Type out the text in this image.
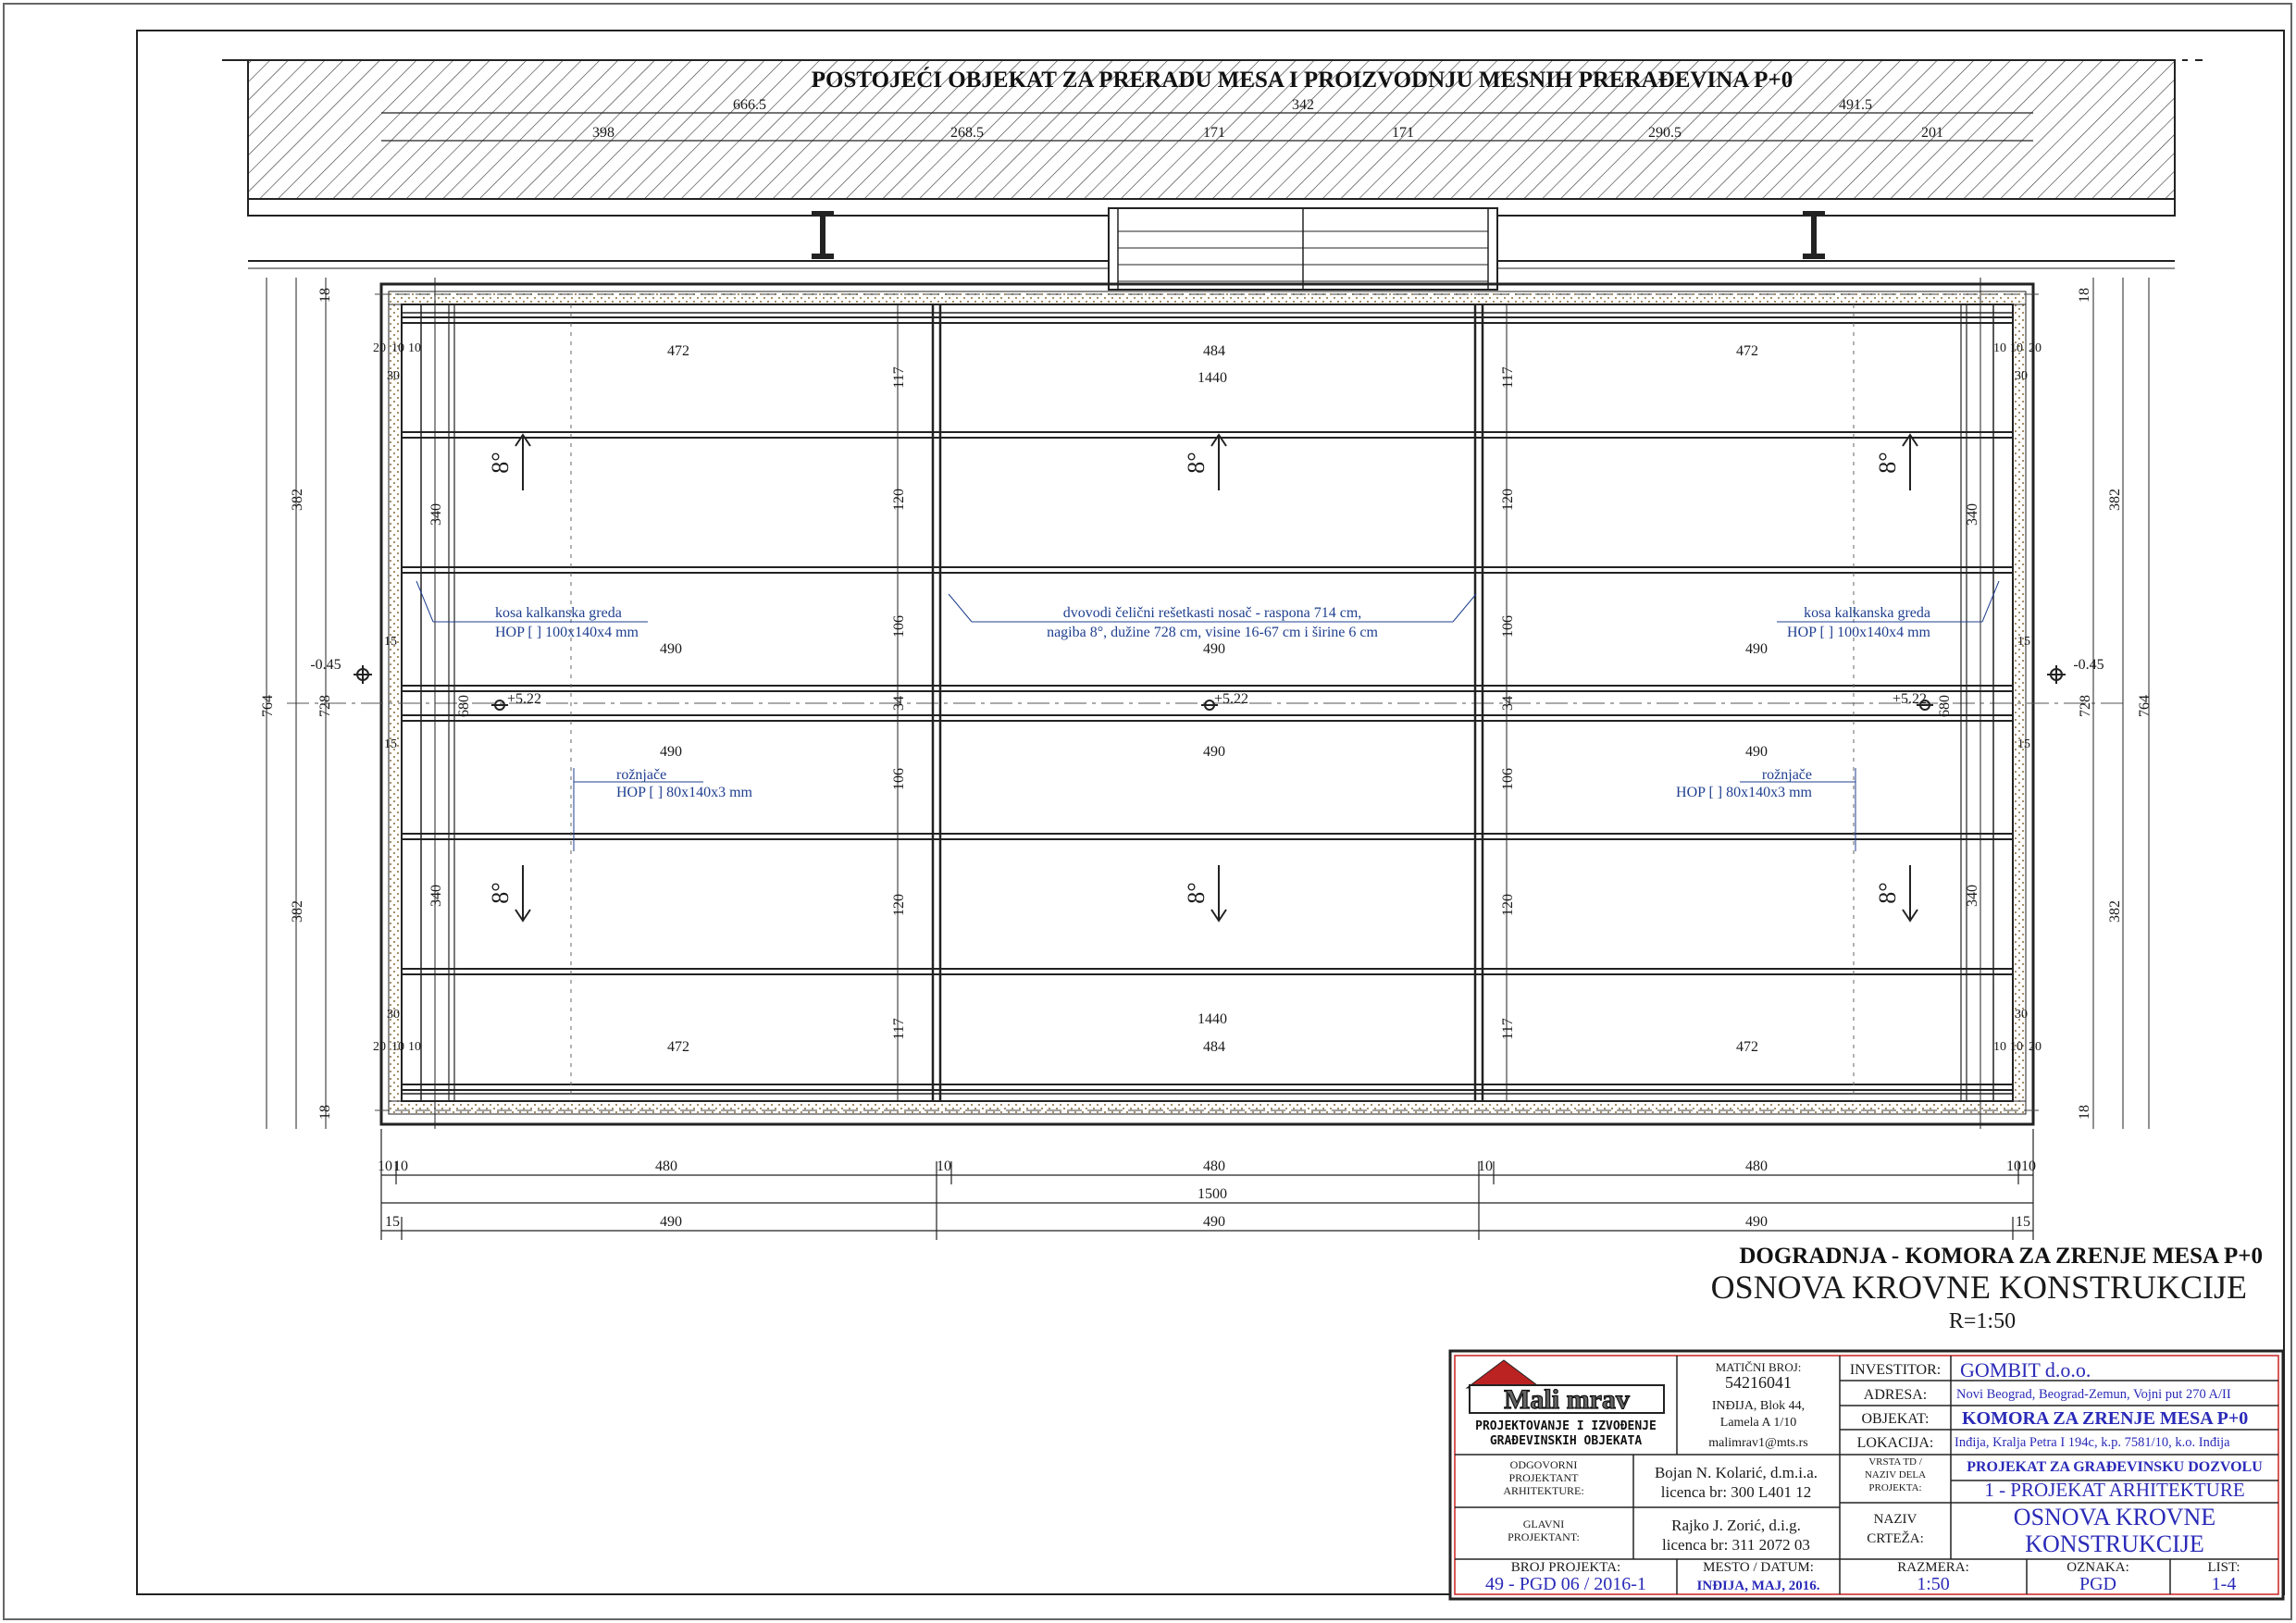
POSTOJEĆI OBJEKAT ZA PRERADU MESA I PROIZVODNJU MESNIH PRERAĐEVINA P+0
666.5	342	491.5
398	268.5	171	171	290.5	201
764	764
382
382
382
382
728	728
18
18
18
18
340
340
340
340
680	680
117	117
120	120
106	106
34	34
106	106
120	120
117	117
20 10 10
30
30
20 10 10
15
15
20
10
10
30
30
20
10
10
15
15
8°	8°	8°
8°	8°	8°
472	484	472
1440
1440
472	484	472
490	490	490
490	490	490
kosa kalkanska greda
HOP [ ] 100x140x4 mm
kosa kalkanska greda
HOP [ ] 100x140x4 mm
dvovodi čelični rešetkasti nosač - raspona 714 cm,
nagiba 8°, dužine 728 cm, visine 16-67 cm i širine 6 cm
rožnjače
HOP [ ] 80x140x3 mm
rožnjače
HOP [ ] 80x140x3 mm
-0.45	-0.45
+5.22	+5.22	+5.22
10 10	480	10	480	10	480	10 10
1500
15	490	490	490	15
DOGRADNJA - KOMORA ZA ZRENJE MESA P+0
OSNOVA KROVNE KONSTRUKCIJE
R=1:50
Mali mrav
PROJEKTOVANJE I IZVOĐENJE
GRAĐEVINSKIH OBJEKATA
MATIČNI BROJ:
54216041
INĐIJA, Blok 44,
Lamela A 1/10
malimrav1@mts.rs
INVESTITOR: GOMBIT d.o.o.
ADRESA: Novi Beograd, Beograd-Zemun, Vojni put 270 A/II
OBJEKAT: KOMORA ZA ZRENJE MESA P+0
LOKACIJA: Inđija, Kralja Petra I 194c, k.p. 7581/10, k.o. Inđija
ODGOVORNI
PROJEKTANT
ARHITEKTURE:
Bojan N. Kolarić, d.m.i.a.
licenca br: 300 L401 12
GLAVNI
PROJEKTANT:
Rajko J. Zorić, d.i.g.
licenca br: 311 2072 03
VRSTA TD /
NAZIV DELA
PROJEKTA:
PROJEKAT ZA GRAĐEVINSKU DOZVOLU
1 - PROJEKAT ARHITEKTURE
NAZIV
CRTEŽA:
OSNOVA KROVNE
KONSTRUKCIJE
BROJ PROJEKTA:
49 - PGD 06 / 2016-1
MESTO / DATUM:
INĐIJA, MAJ, 2016.
RAZMERA:
1:50
OZNAKA:
PGD
LIST:
1-4
